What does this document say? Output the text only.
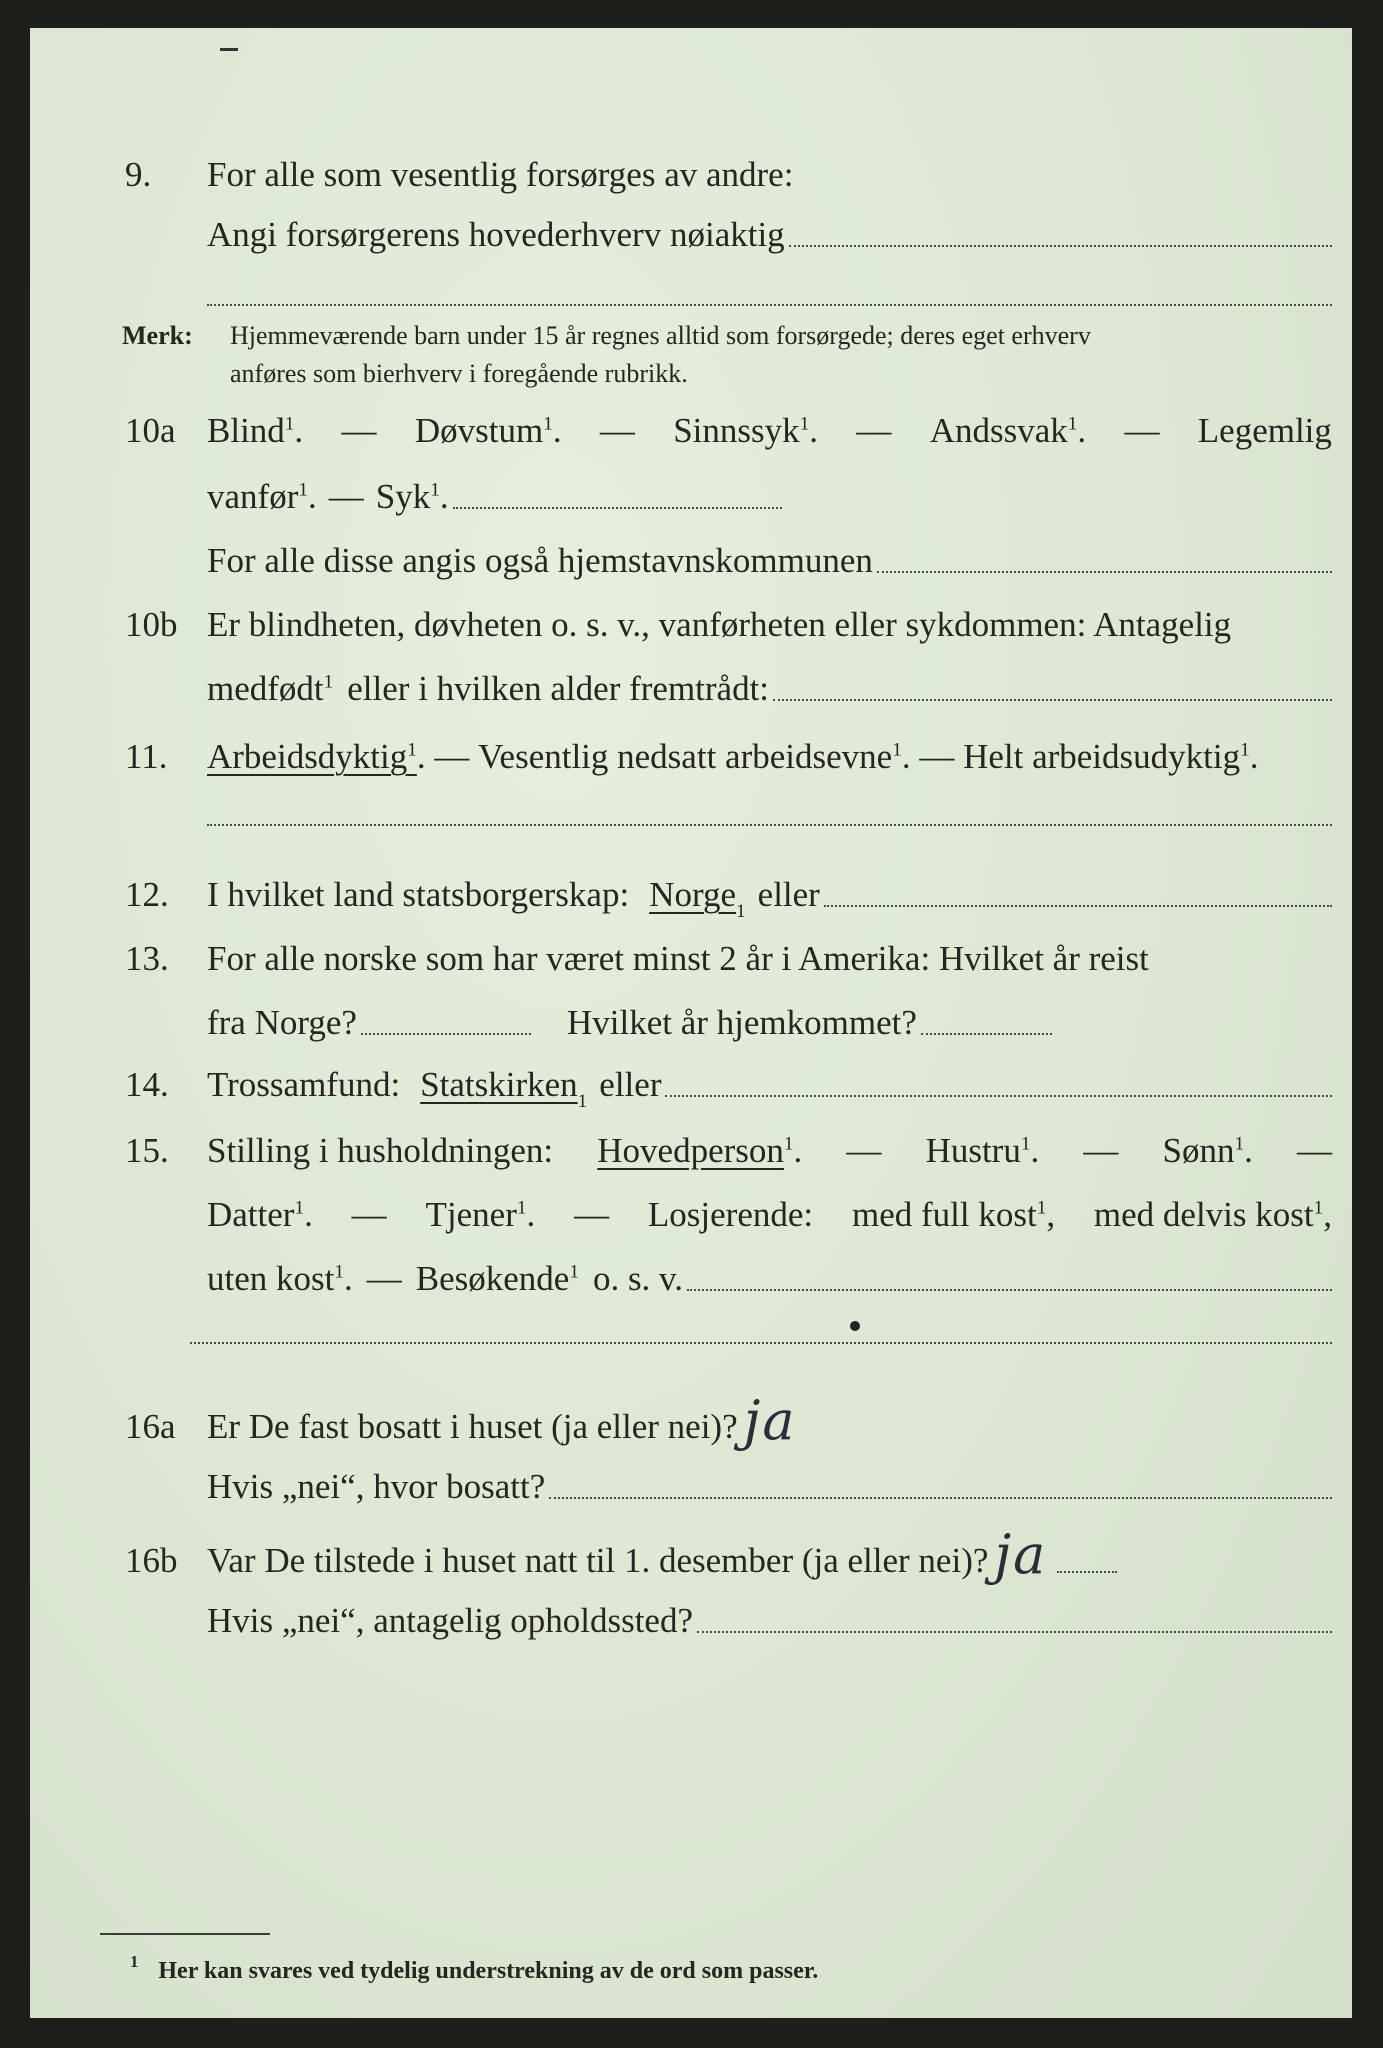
9. For alle som vesentlig forsørges av andre:
Angi forsørgerens hovederhverv nøiaktig
Merk: Hjemmeværende barn under 15 år regnes alltid som forsørgede; deres eget erhverv
anføres som bierhverv i foregående rubrikk.
10a Blind$^1$. — Døvstum$^1$. — Sinnssyk$^1$. — Andssvak$^1$. — Legemlig
vanfør$^1$. — Syk$^1$.
For alle disse angis også hjemstavnskommunen
10b Er blindheten, døvheten o. s. v., vanførheten eller sykdommen: Antagelig
medfødt$^1$ eller i hvilken alder fremtrådt:
11. Arbeidsdyktig$^1$ . — Vesentlig nedsatt arbeidsevne$^1$ . — Helt arbeidsudyktig$^1$.
12. I hvilket land statsborgerskap: Norge 1 eller
13. For alle norske som har været minst 2 år i Amerika: Hvilket år reist
fra Norge?	Hvilket år hjemkommet?
14. Trossamfund: Statskirken 1 eller
15. Stilling i husholdningen: Hovedperson$^1$. — Hustru$^1$. — Sønn$^1$. —
Datter$^1$. — Tjener$^1$. — Losjerende: med full kost$^1$, med delvis kost$^1$,
uten kost$^1$. — Besøkende$^1$ o. s. v.
16a Er De fast bosatt i huset (ja eller nei)? ja
Hvis „nei“, hvor bosatt?
16b Var De tilstede i huset natt til 1. desember (ja eller nei)? ja
Hvis „nei“, antagelig opholdssted?
$^1$ Her kan svares ved tydelig understrekning av de ord som passer.
